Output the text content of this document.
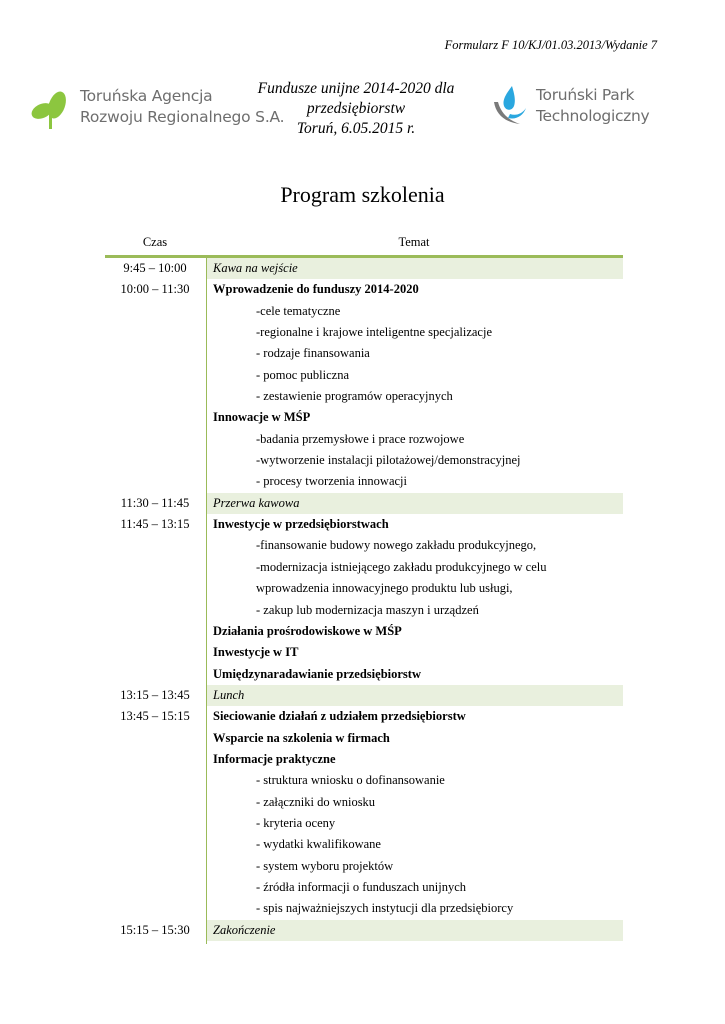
Formularz F 10/KJ/01.03.2013/Wydanie 7
Toruńska Agencja
Rozwoju Regionalnego S.A.
Fundusze unijne 2014-2020 dla
przedsiębiorstw
Toruń, 6.05.2015 r.
Toruński Park
Technologiczny
Program szkolenia
Czas	Temat
9:45 – 10:00	Kawa na wejście
10:00 – 11:30	Wprowadzenie do funduszy 2014-2020
-cele tematyczne
-regionalne i krajowe inteligentne specjalizacje
- rodzaje finansowania
- pomoc publiczna
- zestawienie programów operacyjnych
Innowacje w MŚP
-badania przemysłowe i prace rozwojowe
-wytworzenie instalacji pilotażowej/demonstracyjnej
- procesy tworzenia innowacji
11:30 – 11:45	Przerwa kawowa
11:45 – 13:15	Inwestycje w przedsiębiorstwach
-finansowanie budowy nowego zakładu produkcyjnego,
-modernizacja istniejącego zakładu produkcyjnego w celu
wprowadzenia innowacyjnego produktu lub usługi,
- zakup lub modernizacja maszyn i urządzeń
Działania prośrodowiskowe w MŚP
Inwestycje w IT
Umiędzynaradawianie przedsiębiorstw
13:15 – 13:45	Lunch
13:45 – 15:15	Sieciowanie działań z udziałem przedsiębiorstw
Wsparcie na szkolenia w firmach
Informacje praktyczne
- struktura wniosku o dofinansowanie
- załączniki do wniosku
- kryteria oceny
- wydatki kwalifikowane
- system wyboru projektów
- źródła informacji o funduszach unijnych
- spis najważniejszych instytucji dla przedsiębiorcy
15:15 – 15:30	Zakończenie
